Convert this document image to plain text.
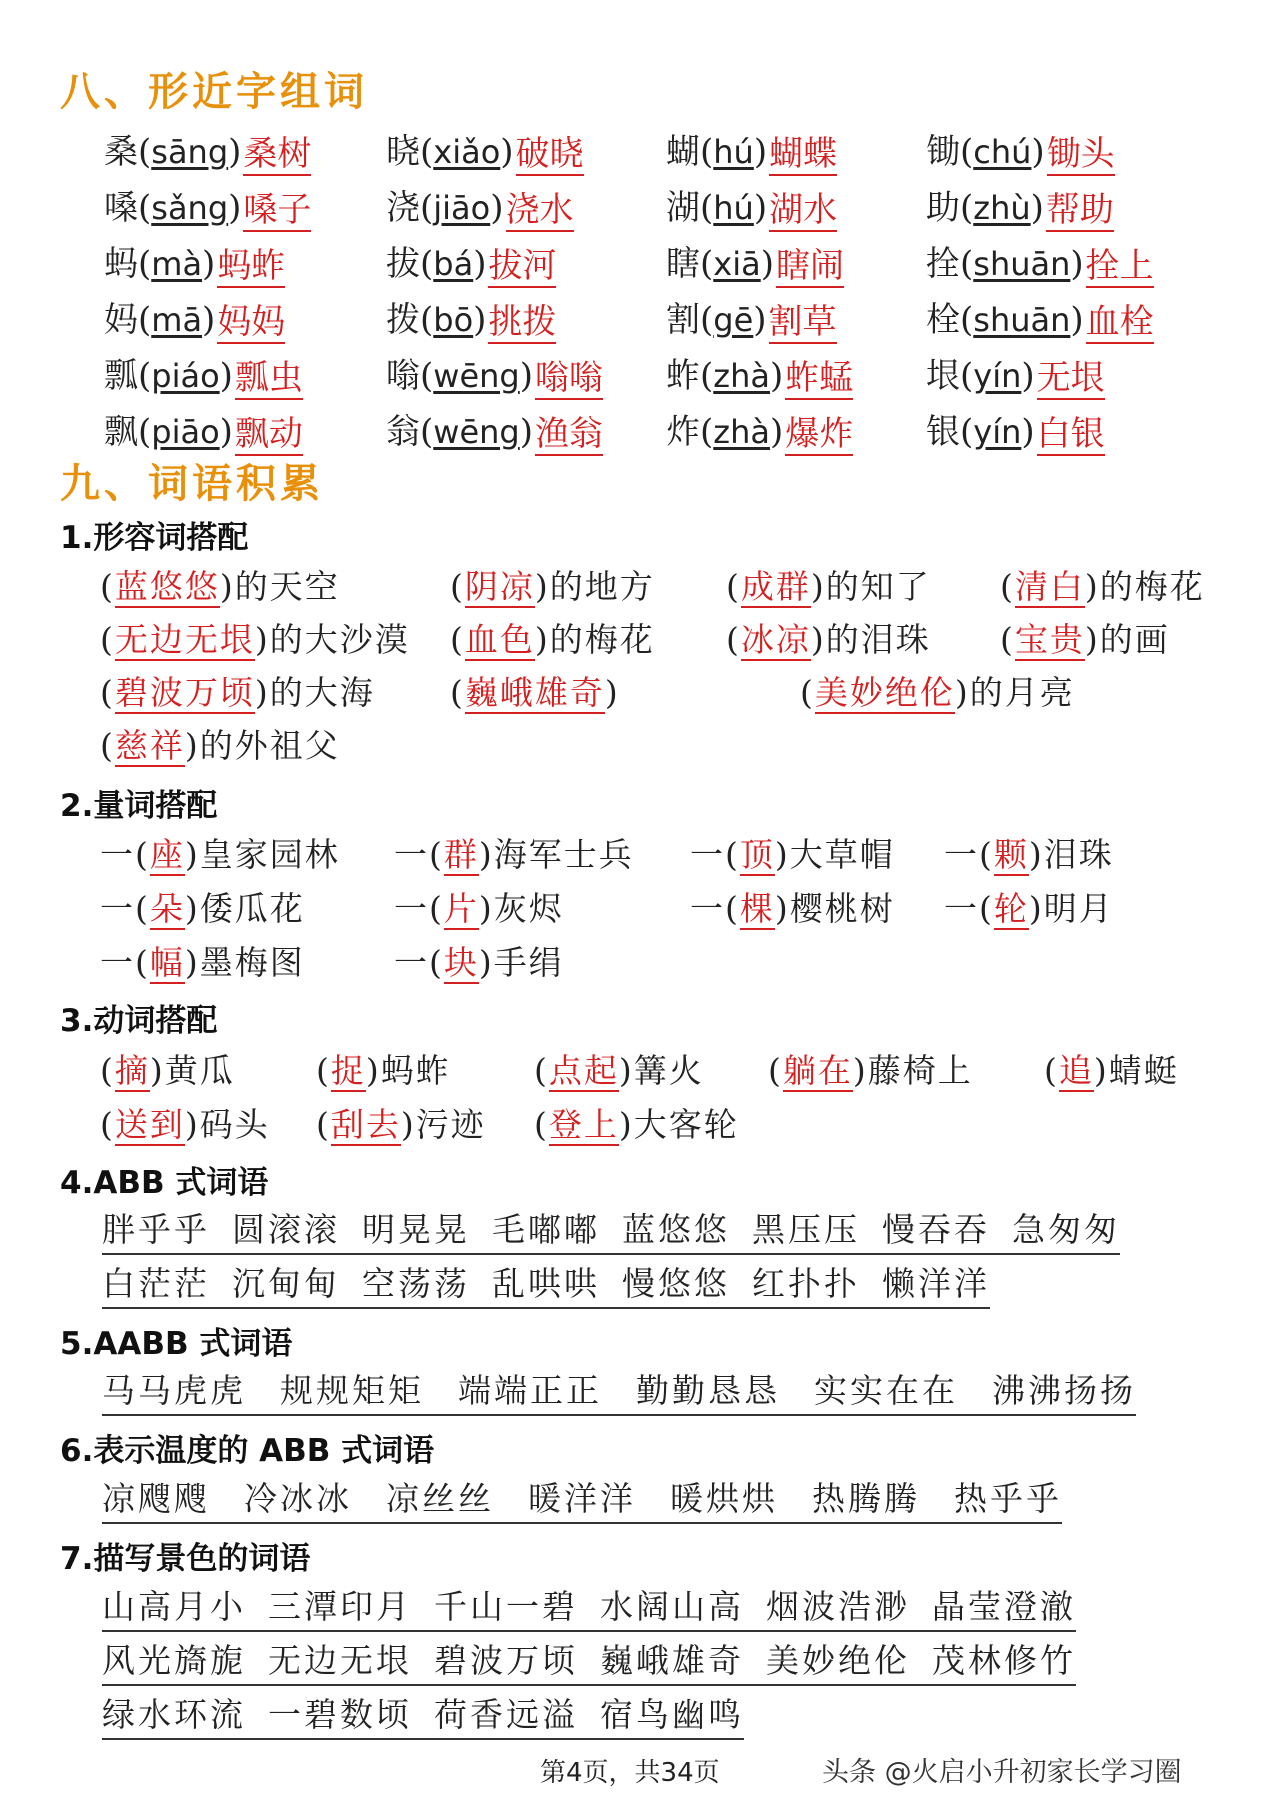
八、形近字组词
桑 ( sāng ) 桑树 晓 ( xiǎo ) 破晓 蝴 ( hú ) 蝴蝶	锄 ( chú ) 锄头
嗓 ( sǎng ) 嗓子 浇 ( jiāo ) 浇水	湖 ( hú ) 湖水	助 ( zhù ) 帮助
蚂 ( mà ) 蚂蚱	拔 ( bá ) 拔河	瞎 ( xiā ) 瞎闹 拴 ( shuān ) 拴上
妈 ( mā ) 妈妈	拨 ( bō ) 挑拨	割 ( gē ) 割草	栓 ( shuān ) 血栓
瓢 ( piáo ) 瓢虫 嗡 ( wēng ) 嗡嗡 蚱 ( zhà ) 蚱蜢 垠 ( yín ) 无垠
飘 ( piāo ) 飘动 翁 ( wēng ) 渔翁 炸 ( zhà ) 爆炸 银 ( yín ) 白银
九、词语积累
1.形容词搭配
(蓝悠悠)的天空	(阴凉)的地方 (成群)的知了 (清白)的梅花
(无边无垠)的大沙漠 (血色)的梅花 (冰凉)的泪珠 (宝贵)的画
(碧波万顷)的大海 (巍峨雄奇)	(美妙绝伦)的月亮
(慈祥)的外祖父
2.量词搭配
一(座)皇家园林 一(群)海军士兵 一(顶)大草帽 一(颗)泪珠
一(朵)倭瓜花	一(片)灰烬	一(棵)樱桃树 一(轮)明月
一(幅)墨梅图	一(块)手绢
3.动词搭配
(摘)黄瓜 (捉)蚂蚱	(点起)篝火 (躺在)藤椅上 (追)蜻蜓
(送到)码头 (刮去)污迹 (登上)大客轮
4.ABB 式词语
胖乎乎 圆滚滚 明晃晃 毛嘟嘟 蓝悠悠 黑压压 慢吞吞 急匆匆
白茫茫 沉甸甸 空荡荡 乱哄哄 慢悠悠 红扑扑 懒洋洋
5.AABB 式词语
马马虎虎 规规矩矩 端端正正 勤勤恳恳 实实在在 沸沸扬扬
6.表示温度的 ABB 式词语
凉飕飕 冷冰冰 凉丝丝 暖洋洋 暖烘烘 热腾腾 热乎乎
7.描写景色的词语
山高月小 三潭印月 千山一碧 水阔山高 烟波浩渺 晶莹澄澈
风光旖旎 无边无垠 碧波万顷 巍峨雄奇 美妙绝伦 茂林修竹
绿水环流 一碧数顷 荷香远溢 宿鸟幽鸣
第4页，共34页	头条 @火启小升初家长学习圈
